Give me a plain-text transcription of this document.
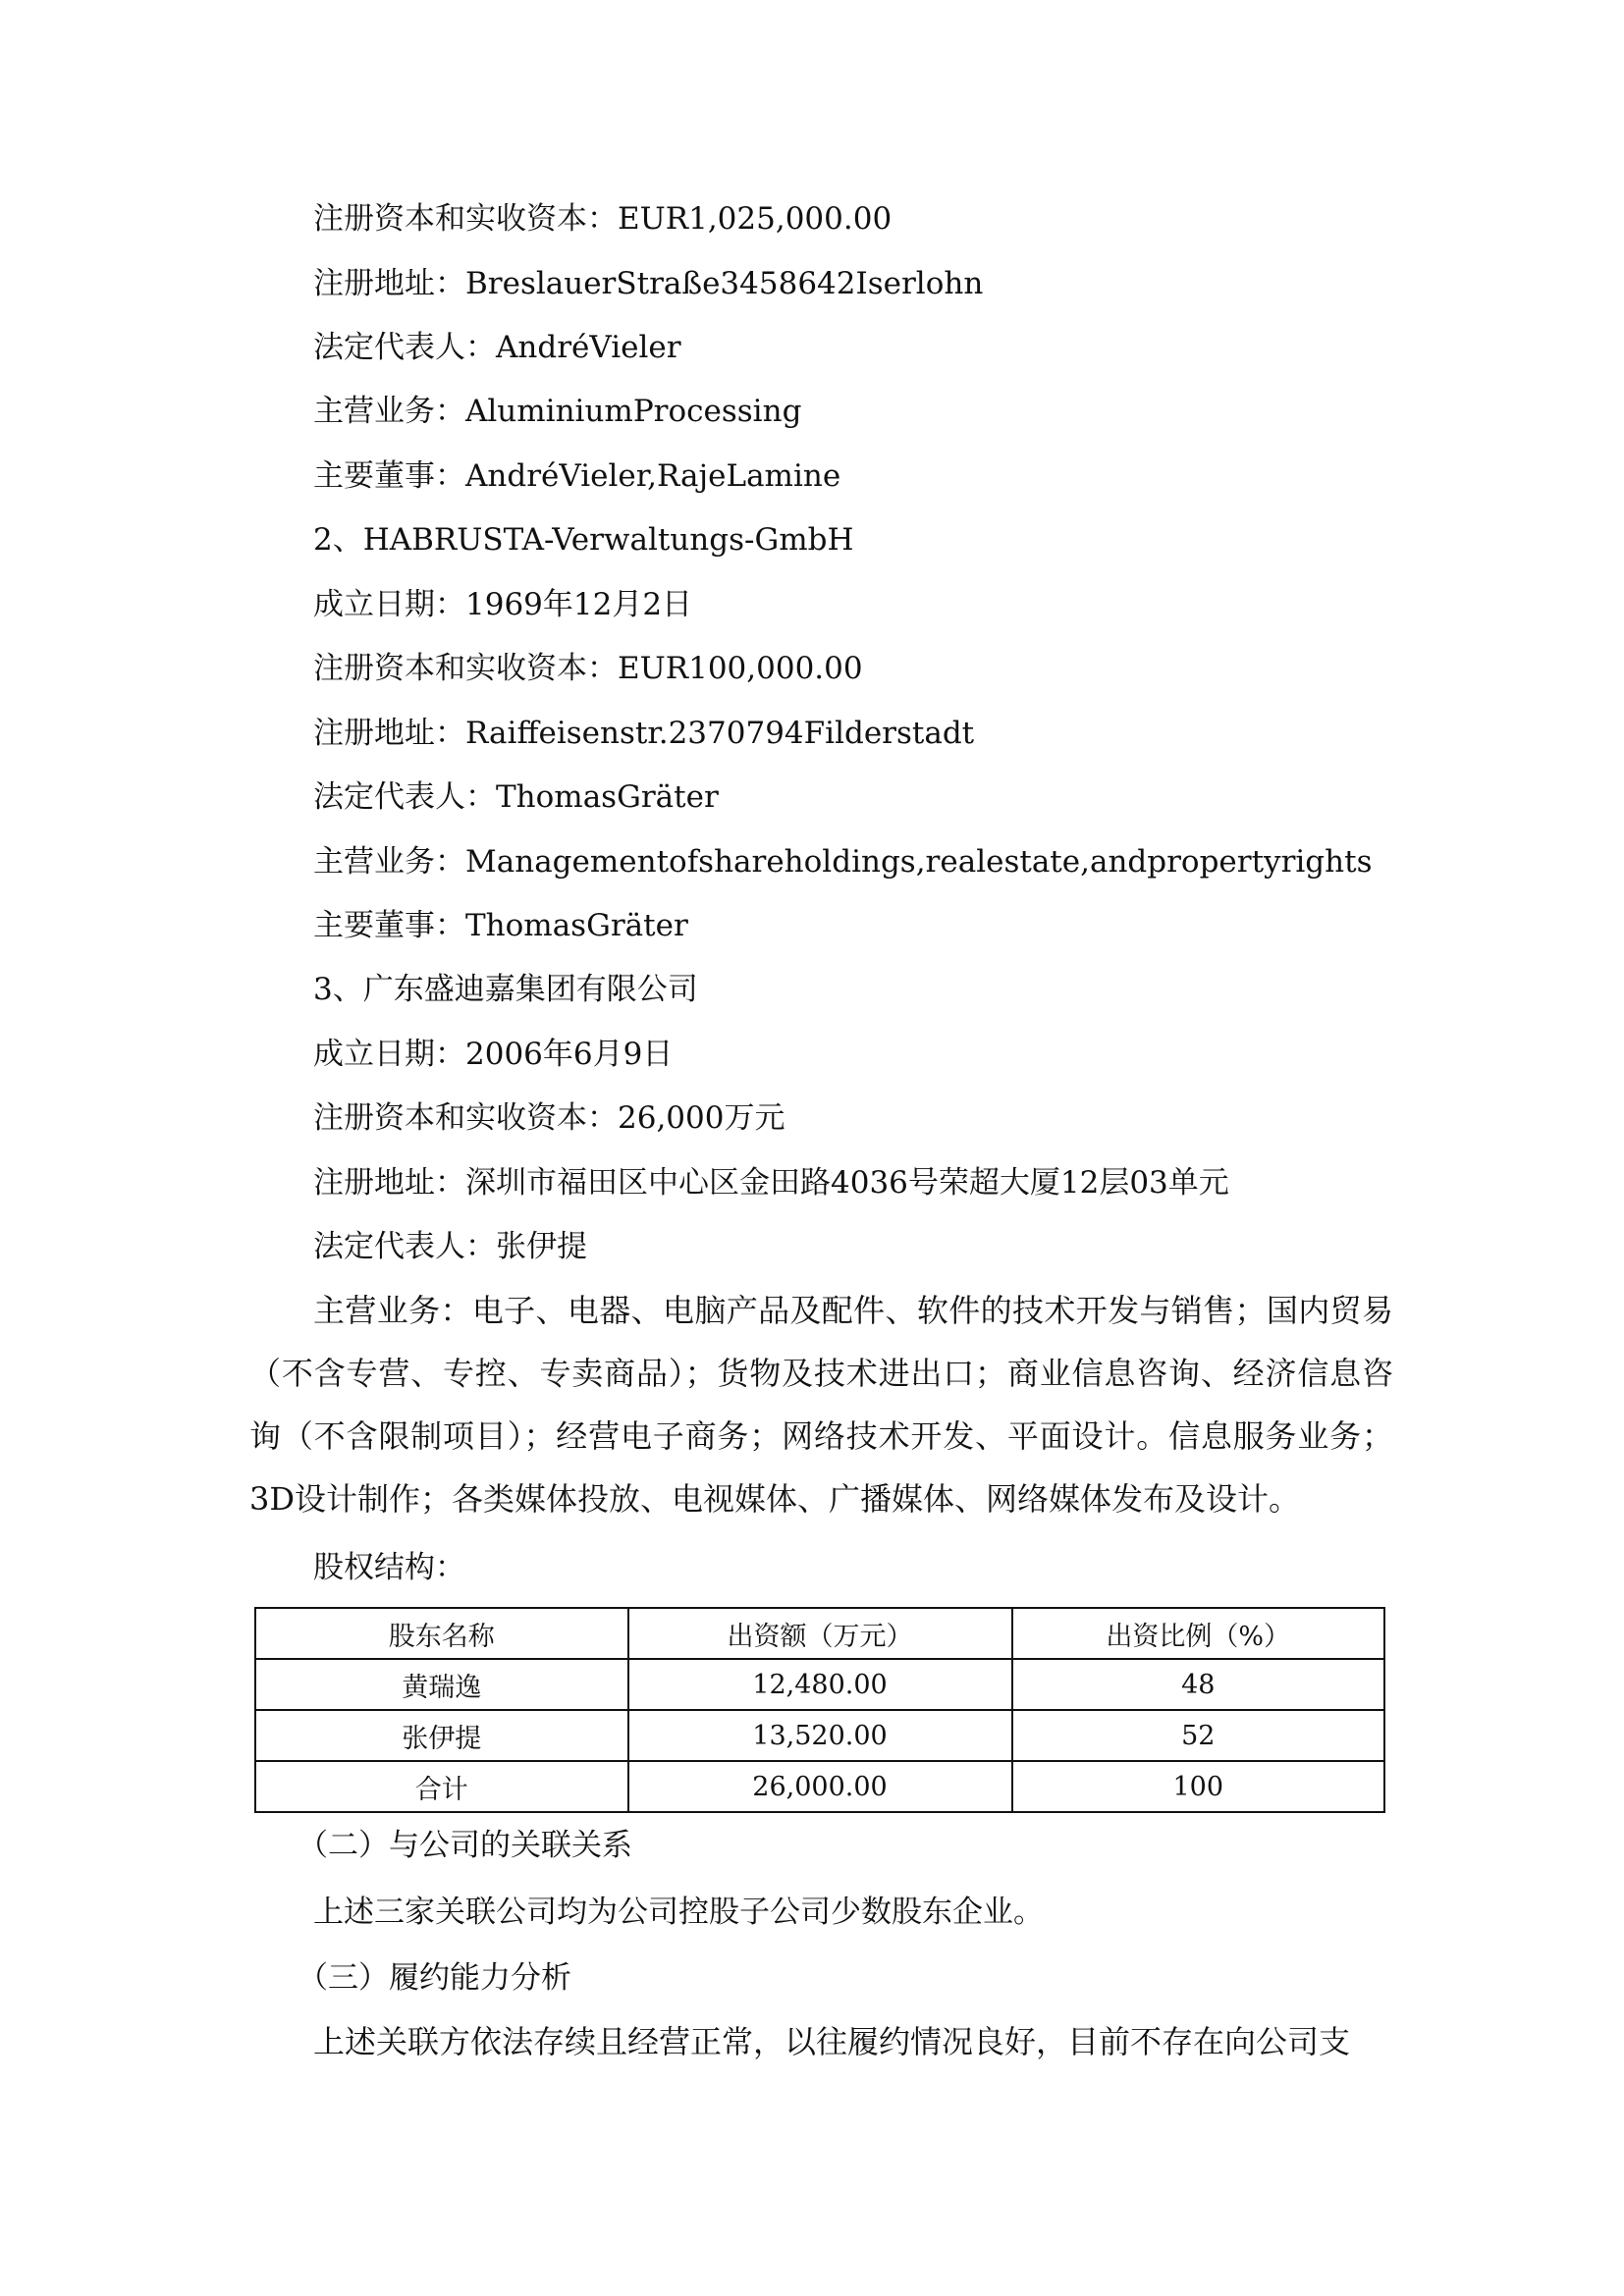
注册资本和实收资本：EUR1,025,000.00
注册地址：BreslauerStraße3458642Iserlohn
法定代表人：AndréVieler
主营业务：AluminiumProcessing
主要董事：AndréVieler,RajeLamine
2、HABRUSTA-Verwaltungs-GmbH
成立日期：1969年12月2日
注册资本和实收资本：EUR100,000.00
注册地址：Raiffeisenstr.2370794Filderstadt
法定代表人：ThomasGräter
主营业务：Managementofshareholdings,realestate,andpropertyrights
主要董事：ThomasGräter
3、广东盛迪嘉集团有限公司
成立日期：2006年6月9日
注册资本和实收资本：26,000万元
注册地址：深圳市福田区中心区金田路4036号荣超大厦12层03单元
法定代表人：张伊提
主营业务：电子、电器、电脑产品及配件、软件的技术开发与销售；国内贸易（不含专营、专控、专卖商品）；货物及技术进出口；商业信息咨询、经济信息咨询（不含限制项目）；经营电子商务；网络技术开发、平面设计。信息服务业务；3D设计制作；各类媒体投放、电视媒体、广播媒体、网络媒体发布及设计。
股权结构：
股东名称	出资额（万元）	出资比例（%）
黄瑞逸	12,480.00	48
张伊提	13,520.00	52
合计	26,000.00	100
（二）与公司的关联关系
上述三家关联公司均为公司控股子公司少数股东企业。
（三）履约能力分析
上述关联方依法存续且经营正常，以往履约情况良好，目前不存在向公司支
